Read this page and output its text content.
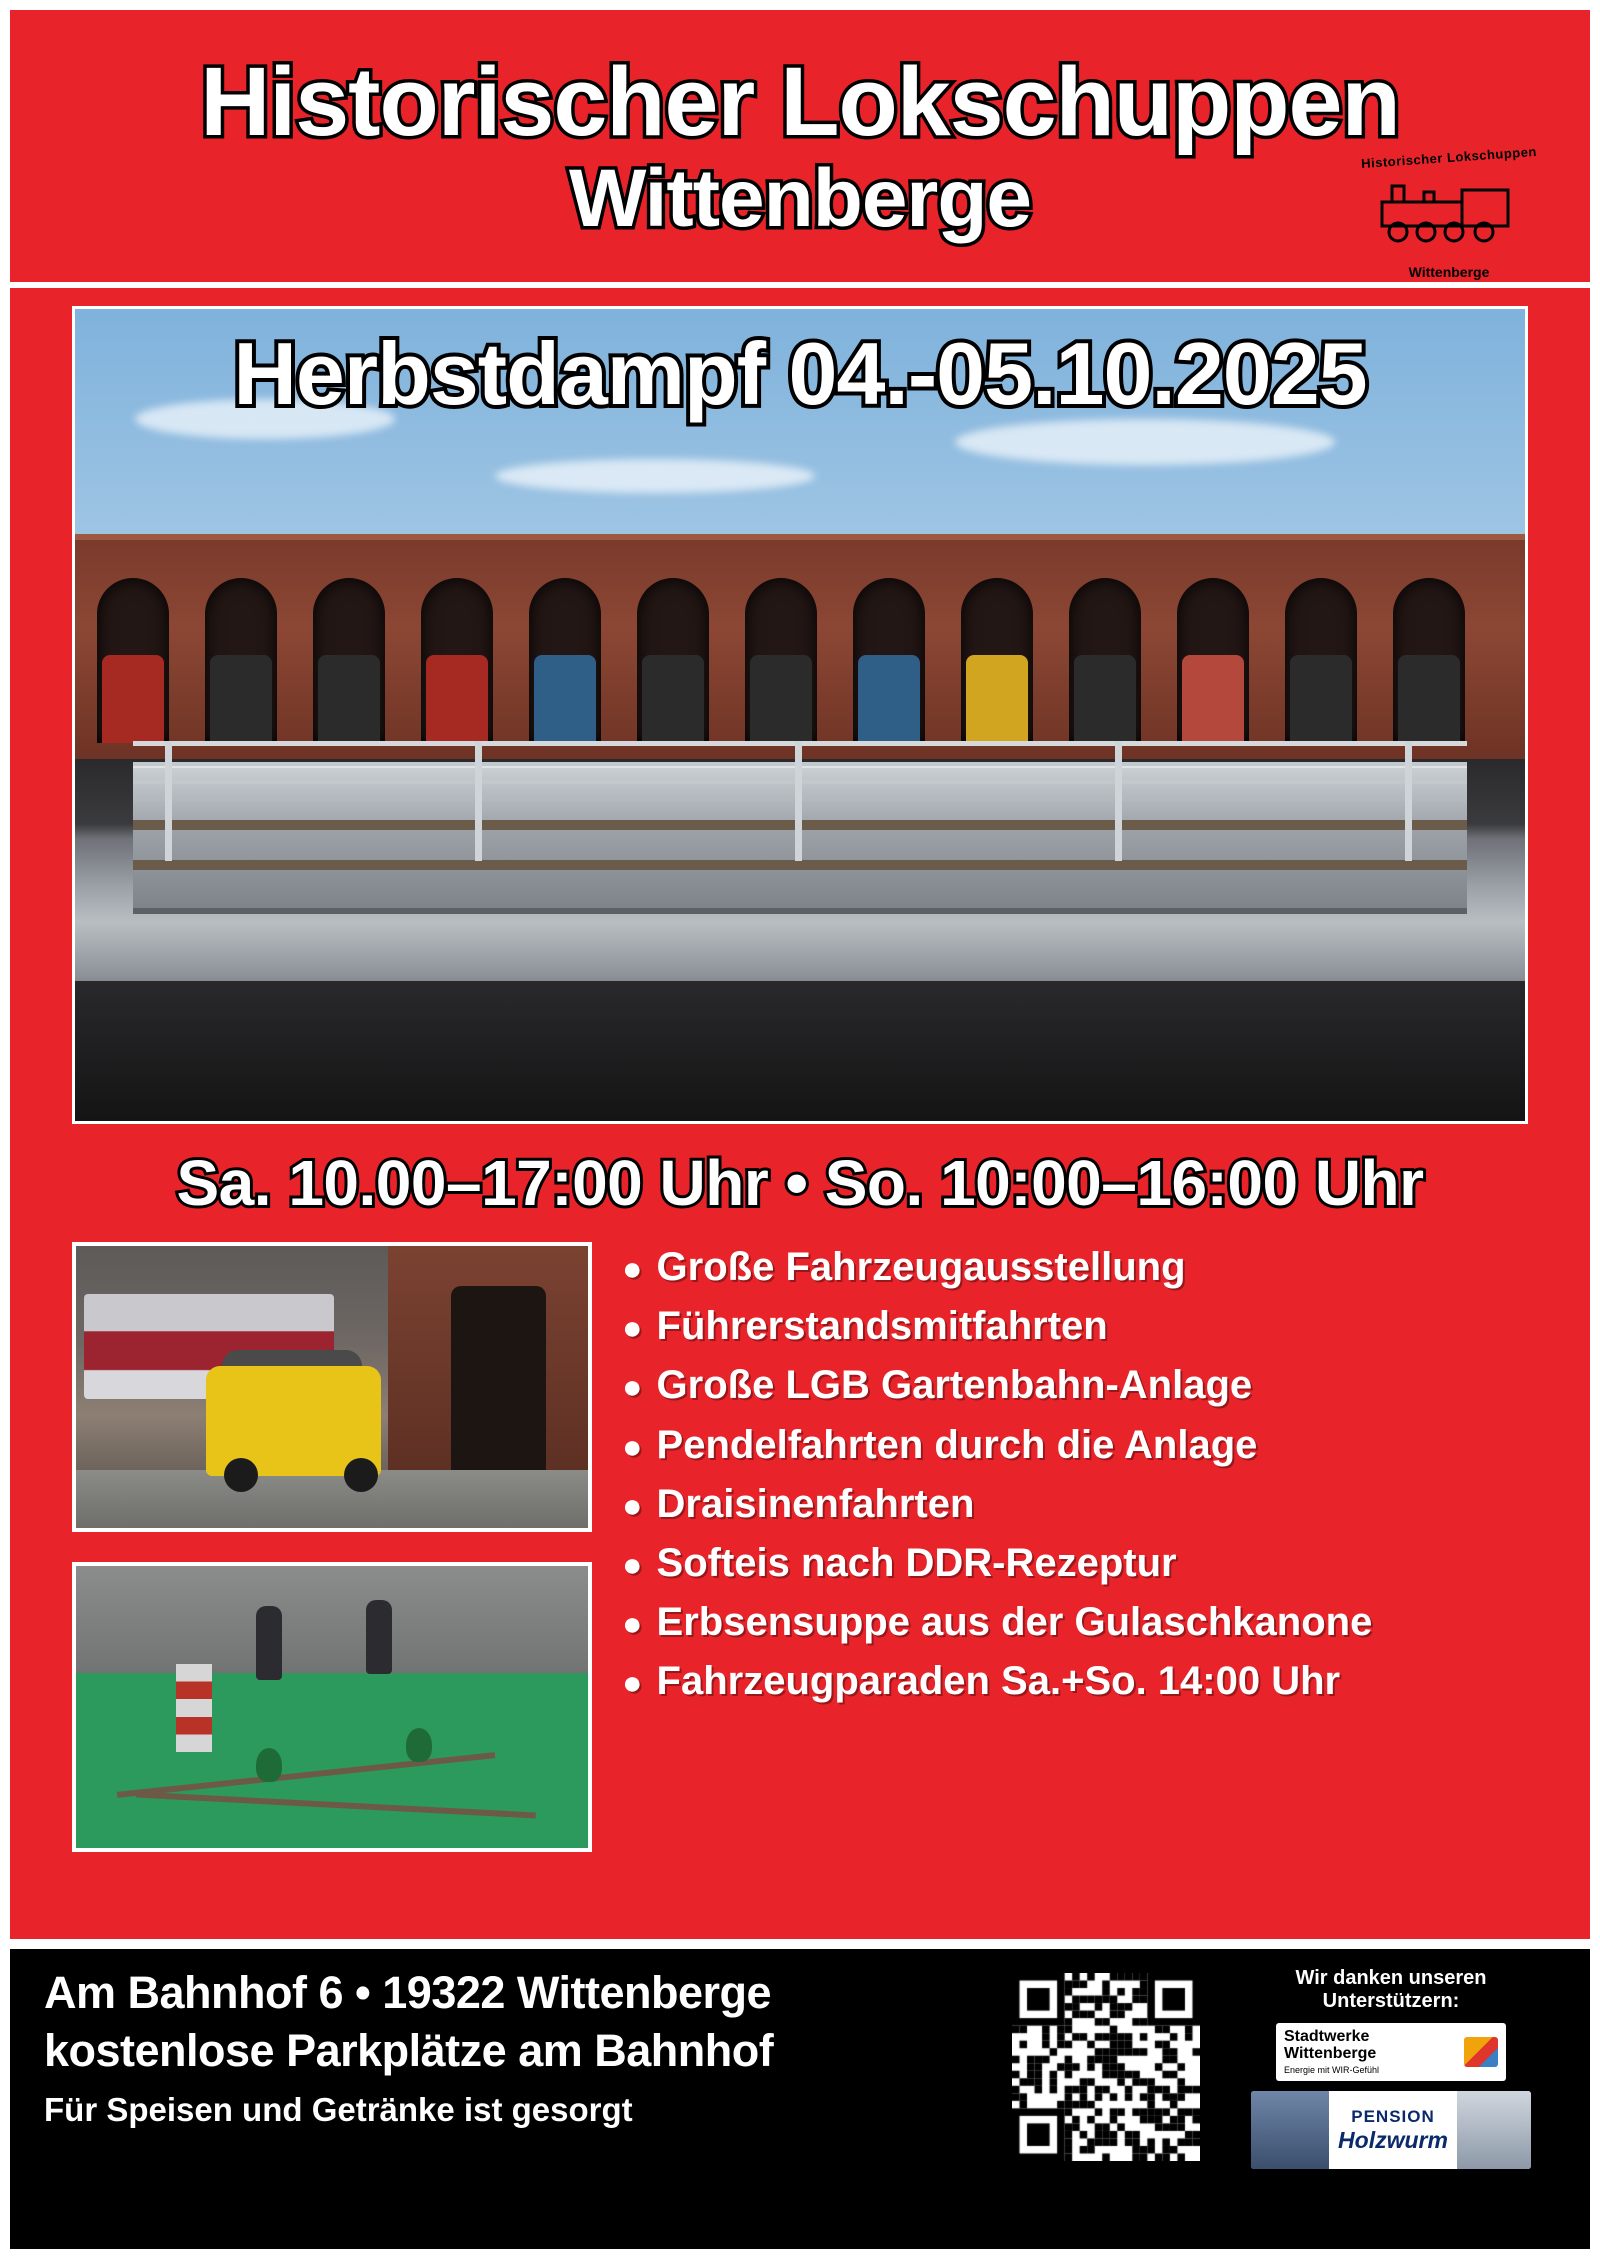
Historischer Lokschuppen
Wittenberge	Historischer Lokschuppen
Wittenberge
Herbstdampf 04.-05.10.2025
Sa. 10.00–17:00 Uhr • So. 10:00–16:00 Uhr
● Große Fahrzeugausstellung
● Führerstandsmitfahrten
● Große LGB Gartenbahn-Anlage
● Pendelfahrten durch die Anlage
● Draisinenfahrten
● Softeis nach DDR-Rezeptur
● Erbsensuppe aus der Gulaschkanone
● Fahrzeugparaden Sa.+So. 14:00 Uhr
Am Bahnhof 6 • 19322 Wittenberge
kostenlose Parkplätze am Bahnhof
Für Speisen und Getränke ist gesorgt
Wir danken unseren Unterstützern:
Stadtwerke
Wittenberge
Energie mit WIR-Gefühl
PENSION
Holzwurm
